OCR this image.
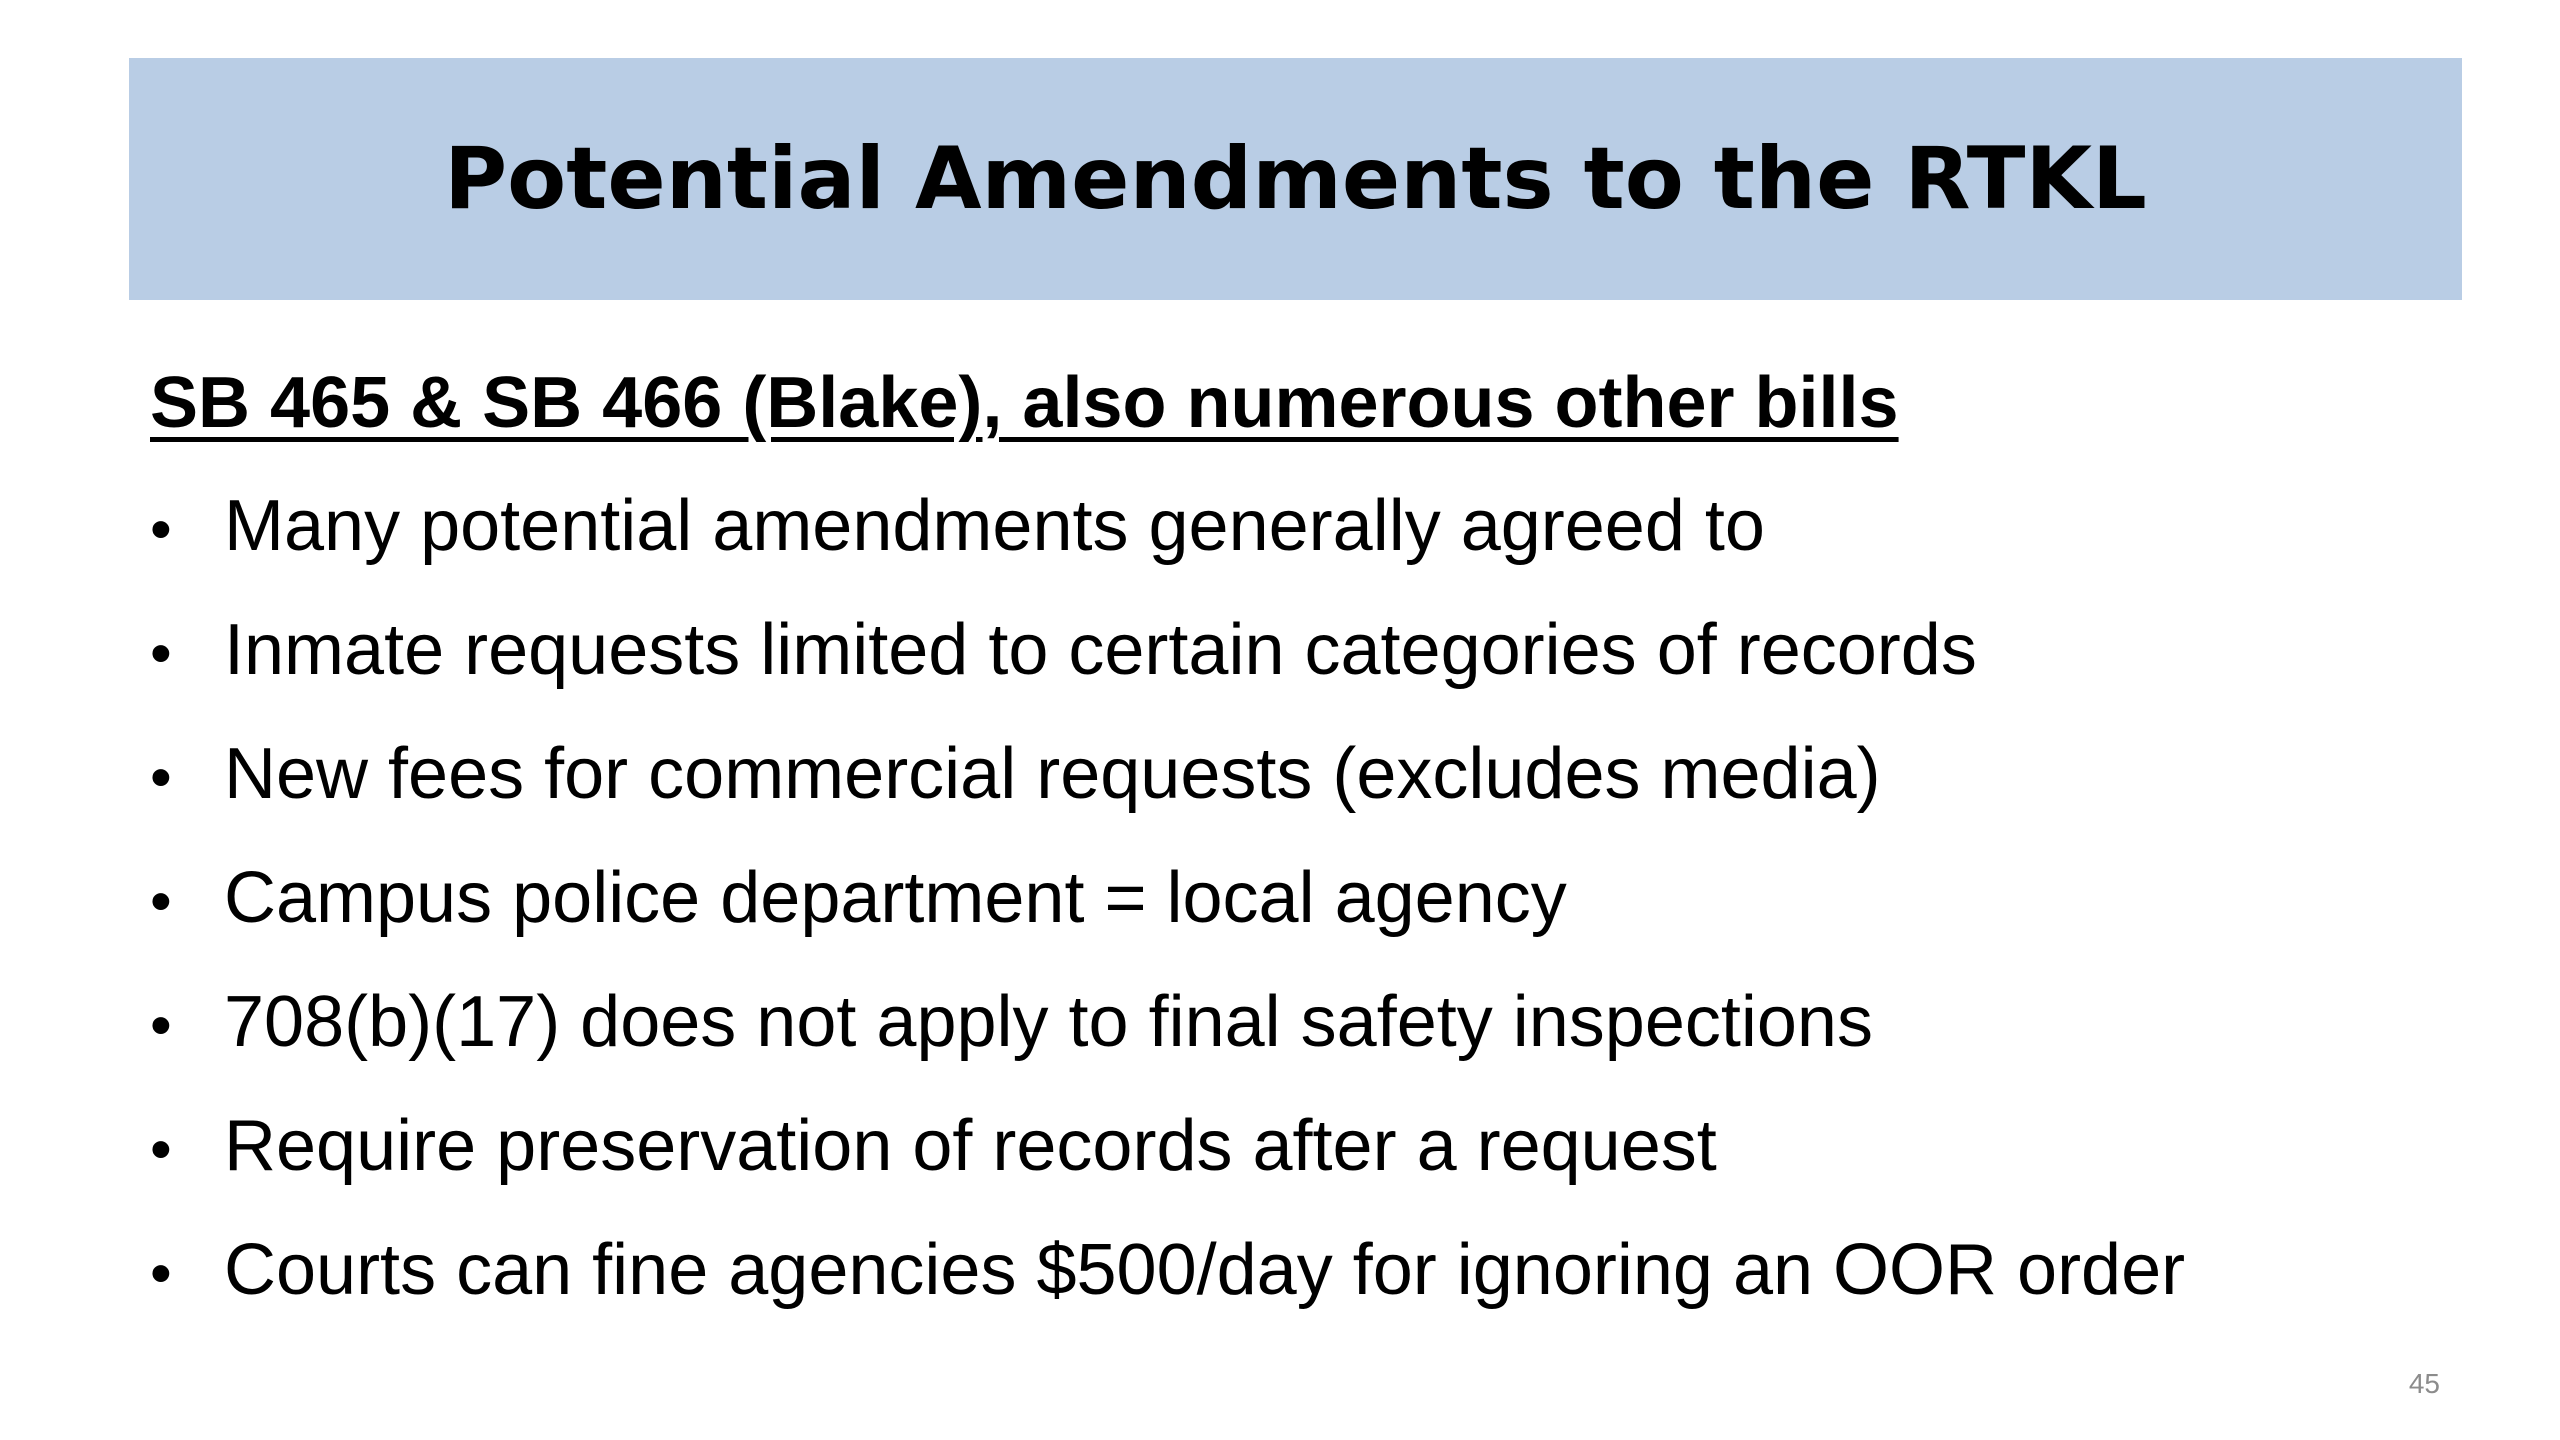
Potential Amendments to the RTKL
SB 465 & SB 466 (Blake), also numerous other bills
• Many potential amendments generally agreed to
• Inmate requests limited to certain categories of records
• New fees for commercial requests (excludes media)
• Campus police department = local agency
• 708(b)(17) does not apply to final safety inspections
• Require preservation of records after a request
• Courts can fine agencies $500/day for ignoring an OOR order
45
